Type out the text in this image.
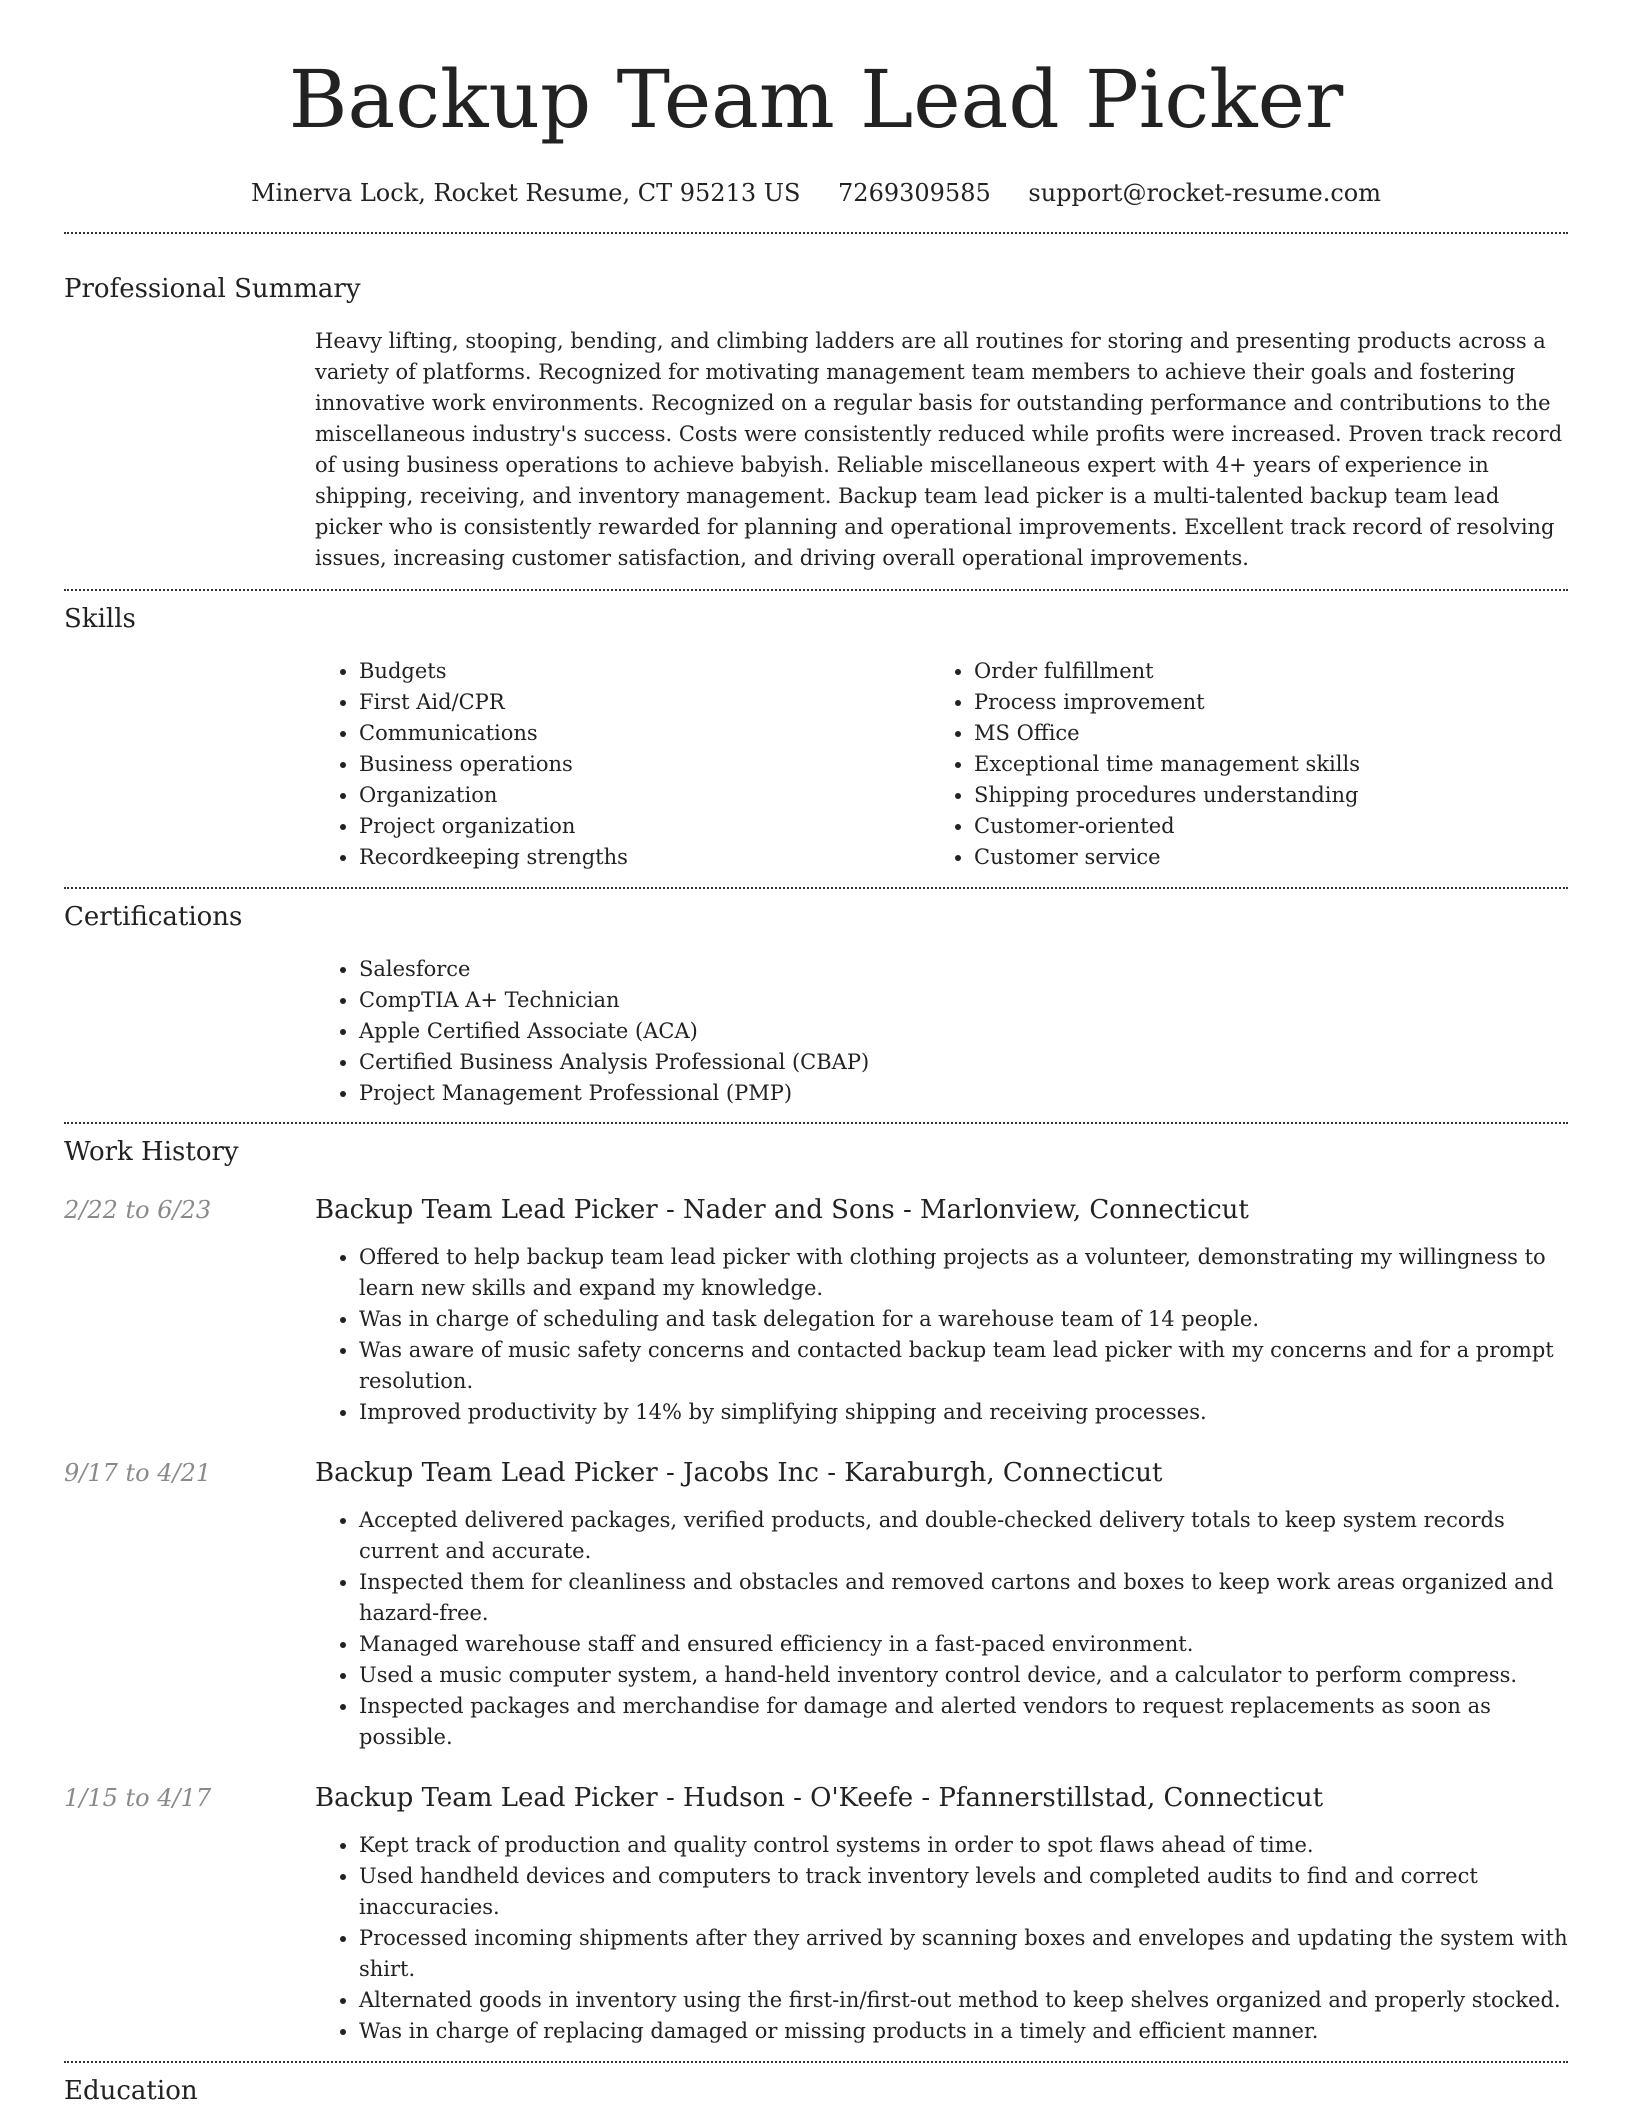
Backup Team Lead Picker
Minerva Lock, Rocket Resume, CT 95213 US 7269309585 support@rocket-resume.com
Professional Summary

Heavy lifting, stooping, bending, and climbing ladders are all routines for storing and presenting products across a variety of platforms. Recognized for motivating management team members to achieve their goals and fostering innovative work environments. Recognized on a regular basis for outstanding performance and contributions to the miscellaneous industry's success. Costs were consistently reduced while profits were increased. Proven track record of using business operations to achieve babyish. Reliable miscellaneous expert with 4+ years of experience in shipping, receiving, and inventory management. Backup team lead picker is a multi-talented backup team lead picker who is consistently rewarded for planning and operational improvements. Excellent track record of resolving issues, increasing customer satisfaction, and driving overall operational improvements.

Skills
• Budgets
• First Aid/CPR
• Communications
• Business operations
• Organization
• Project organization
• Recordkeeping strengths
• Order fulfillment
• Process improvement
• MS Office
• Exceptional time management skills
• Shipping procedures understanding
• Customer-oriented
• Customer service
Certifications
• Salesforce
• CompTIA A+ Technician
• Apple Certified Associate (ACA)
• Certified Business Analysis Professional (CBAP)
• Project Management Professional (PMP)
Work History
2/22 to 6/23	Backup Team Lead Picker - Nader and Sons - Marlonview, Connecticut
• Offered to help backup team lead picker with clothing projects as a volunteer, demonstrating my willingness to learn new skills and expand my knowledge.
• Was in charge of scheduling and task delegation for a warehouse team of 14 people.
• Was aware of music safety concerns and contacted backup team lead picker with my concerns and for a prompt resolution.
• Improved productivity by 14% by simplifying shipping and receiving processes.
9/17 to 4/21	Backup Team Lead Picker - Jacobs Inc - Karaburgh, Connecticut
• Accepted delivered packages, verified products, and double-checked delivery totals to keep system records current and accurate.
• Inspected them for cleanliness and obstacles and removed cartons and boxes to keep work areas organized and hazard-free.
• Managed warehouse staff and ensured efficiency in a fast-paced environment.
• Used a music computer system, a hand-held inventory control device, and a calculator to perform compress.
• Inspected packages and merchandise for damage and alerted vendors to request replacements as soon as possible.
1/15 to 4/17	Backup Team Lead Picker - Hudson - O'Keefe - Pfannerstillstad, Connecticut
• Kept track of production and quality control systems in order to spot flaws ahead of time.
• Used handheld devices and computers to track inventory levels and completed audits to find and correct inaccuracies.
• Processed incoming shipments after they arrived by scanning boxes and envelopes and updating the system with shirt.
• Alternated goods in inventory using the first-in/first-out method to keep shelves organized and properly stocked.
• Was in charge of replacing damaged or missing products in a timely and efficient manner.
Education
